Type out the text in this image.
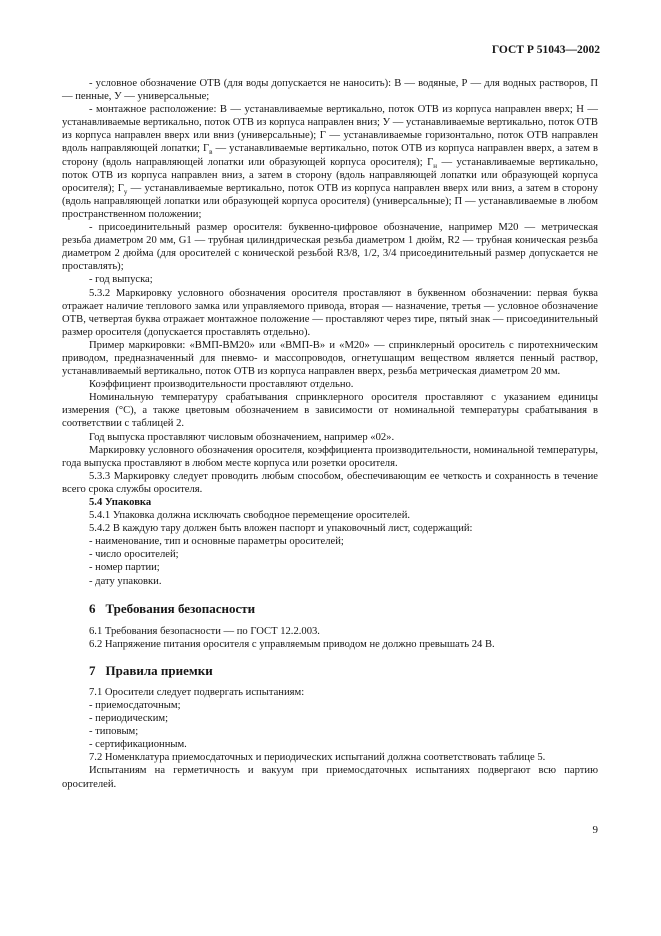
ГОСТ Р 51043—2002

- условное обозначение ОТВ (для воды допускается не наносить): В — водяные, Р — для водных растворов, П — пенные, У — универсальные;

- монтажное расположение: В — устанавливаемые вертикально, поток ОТВ из корпуса направлен вверх; Н — устанавливаемые вертикально, поток ОТВ из корпуса направлен вниз; У — устанавливаемые вертикально, поток ОТВ из корпуса направлен вверх или вниз (универсальные); Г — устанавливаемые горизонтально, поток ОТВ направлен вдоль направляющей лопатки; $Г_в$ — устанавливаемые вертикально, поток ОТВ из корпуса направлен вверх, а затем в сторону (вдоль направляющей лопатки или образующей корпуса оросителя); $Г_н$ — устанавливаемые вертикально, поток ОТВ из корпуса направлен вниз, а затем в сторону (вдоль направляющей лопатки или образующей корпуса оросителя); $Г_у$ — устанавливаемые вертикально, поток ОТВ из корпуса направлен вверх или вниз, а затем в сторону (вдоль направляющей лопатки или образующей корпуса оросителя) (универсальные); П — устанавливаемые в любом пространственном положении;

- присоединительный размер оросителя: буквенно-цифровое обозначение, например М20 — метрическая резьба диаметром 20 мм, G1 — трубная цилиндрическая резьба диаметром 1 дюйм, R2 — трубная коническая резьба диаметром 2 дюйма (для оросителей с конической резьбой R3/8, 1/2, 3/4 присоединительный размер допускается не проставлять);

- год выпуска;

5.3.2 Маркировку условного обозначения оросителя проставляют в буквенном обозначении: первая буква отражает наличие теплового замка или управляемого привода, вторая — назначение, третья — условное обозначение ОТВ, четвертая буква отражает монтажное положение — проставляют через тире, пятый знак — присоединительный размер оросителя (допускается проставлять отдельно).

Пример маркировки: «ВМП-ВМ20» или «ВМП-В» и «М20» — спринклерный ороситель с пиротехническим приводом, предназначенный для пневмо- и массопроводов, огнетушащим веществом является пенный раствор, устанавливаемый вертикально, поток ОТВ из корпуса направлен вверх, резьба метрическая диаметром 20 мм.

Коэффициент производительности проставляют отдельно.

Номинальную температуру срабатывания спринклерного оросителя проставляют с указанием единицы измерения (°С), а также цветовым обозначением в зависимости от номинальной температуры срабатывания в соответствии с таблицей 2.

Год выпуска проставляют числовым обозначением, например «02».

Маркировку условного обозначения оросителя, коэффициента производительности, номинальной температуры, года выпуска проставляют в любом месте корпуса или розетки оросителя.

5.3.3 Маркировку следует проводить любым способом, обеспечивающим ее четкость и сохранность в течение всего срока службы оросителя.

5.4 Упаковка

5.4.1 Упаковка должна исключать свободное перемещение оросителей.

5.4.2 В каждую тару должен быть вложен паспорт и упаковочный лист, содержащий:

- наименование, тип и основные параметры оросителей;

- число оросителей;

- номер партии;

- дату упаковки.

6 Требования безопасности

6.1 Требования безопасности — по ГОСТ 12.2.003.

6.2 Напряжение питания оросителя с управляемым приводом не должно превышать 24 В.

7 Правила приемки

7.1 Оросители следует подвергать испытаниям:

- приемосдаточным;

- периодическим;

- типовым;

- сертификационным.

7.2 Номенклатура приемосдаточных и периодических испытаний должна соответствовать таблице 5.

Испытаниям на герметичность и вакуум при приемосдаточных испытаниях подвергают всю партию оросителей.

9
